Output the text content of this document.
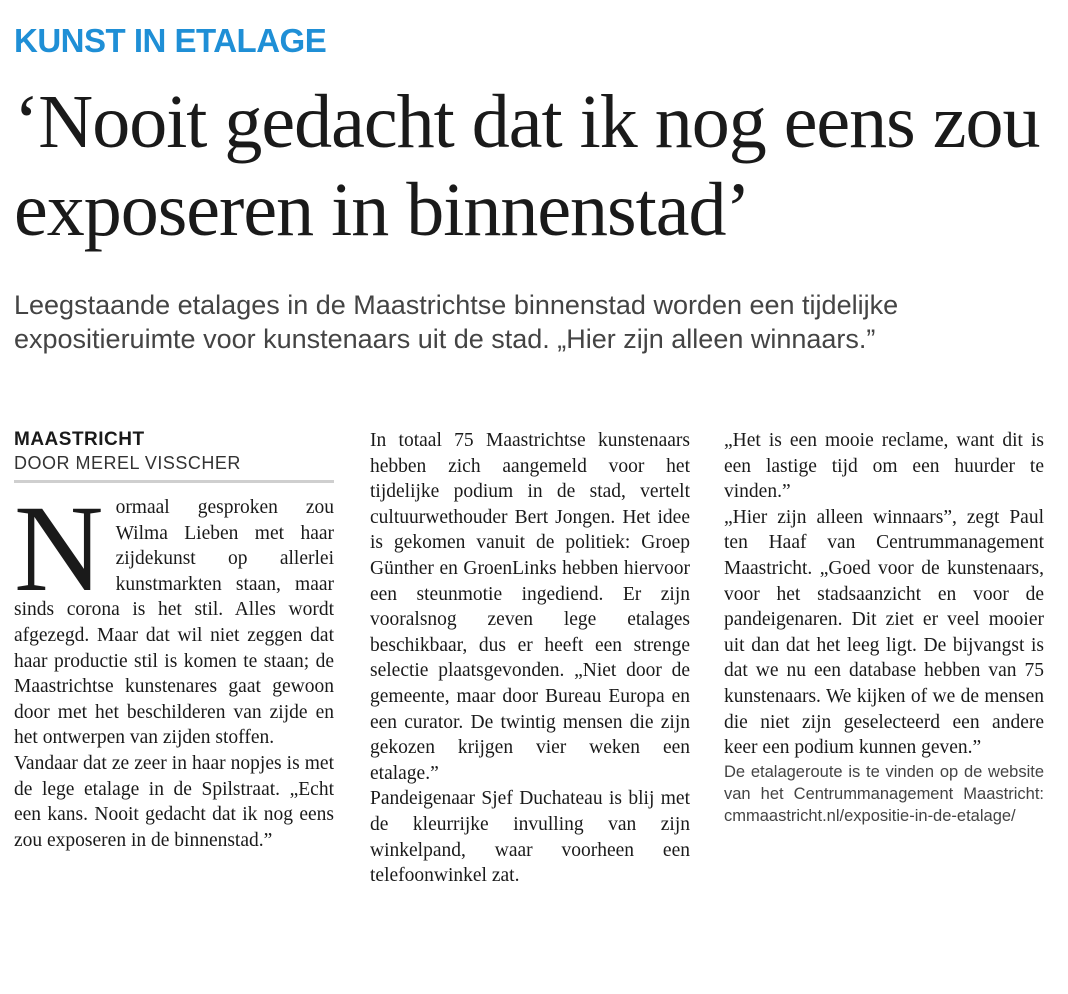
KUNST IN ETALAGE
‘Nooit gedacht dat ik nog eens zou exposeren in binnenstad’

Leegstaande etalages in de Maastrichtse binnenstad worden een tijdelijke expositieruimte voor kunstenaars uit de stad. „Hier zijn alleen winnaars.”

MAASTRICHT
DOOR MEREL VISSCHER
N ormaal gesproken zou Wilma Lieben met haar zijdekunst op allerlei kunstmarkten staan, maar sinds corona is het stil. Alles wordt afgezegd. Maar dat wil niet zeggen dat haar productie stil is komen te staan; de Maastrichtse kunstenares gaat gewoon door met het beschilderen van zijde en het ontwerpen van zijden stoffen.

Vandaar dat ze zeer in haar nopjes is met de lege etalage in de Spilstraat. „Echt een kans. Nooit gedacht dat ik nog eens zou exposeren in de binnenstad.”

In totaal 75 Maastrichtse kunstenaars hebben zich aangemeld voor het tijdelijke podium in de stad, vertelt cultuurwethouder Bert Jongen. Het idee is gekomen vanuit de politiek: Groep Günther en GroenLinks hebben hiervoor een steunmotie ingediend. Er zijn vooralsnog zeven lege etalages beschikbaar, dus er heeft een strenge selectie plaatsgevonden. „Niet door de gemeente, maar door Bureau Europa en een curator. De twintig mensen die zijn gekozen krijgen vier weken een etalage.”

Pandeigenaar Sjef Duchateau is blij met de kleurrijke invulling van zijn winkelpand, waar voorheen een telefoonwinkel zat.

„Het is een mooie reclame, want dit is een lastige tijd om een huurder te vinden.”

„Hier zijn alleen winnaars”, zegt Paul ten Haaf van Centrummanagement Maastricht. „Goed voor de kunstenaars, voor het stadsaanzicht en voor de pandeigenaren. Dit ziet er veel mooier uit dan dat het leeg ligt. De bijvangst is dat we nu een database hebben van 75 kunstenaars. We kijken of we de mensen die niet zijn geselecteerd een andere keer een podium kunnen geven.”

De etalageroute is te vinden op de website van het Centrummanagement Maastricht: cmmaastricht.nl/expositie-in-de-etalage/
